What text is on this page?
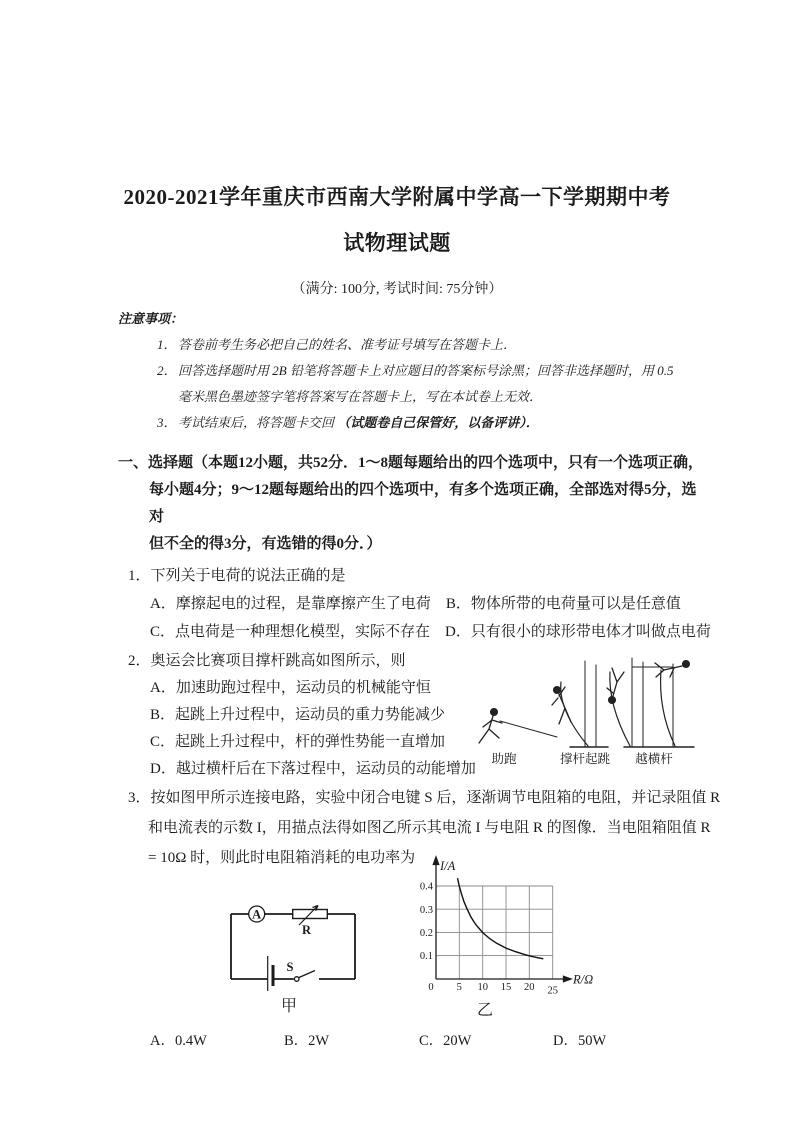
2020-2021学年重庆市西南大学附属中学高一下学期期中考
试物理试题
（满分: 100分, 考试时间: 75分钟）
注意事项：
1．答卷前考生务必把自己的姓名、准考证号填写在答题卡上．
2．回答选择题时用 2B 铅笔将答题卡上对应题目的答案标号涂黑；回答非选择题时，用 0.5
毫米黑色墨迹签字笔将答案写在答题卡上，写在本试卷上无效．
3．考试结束后，将答题卡交回 （试题卷自己保管好，以备评讲）．
一、选择题（本题12小题，共52分．1～8题每题给出的四个选项中，只有一个选项正确，
每小题4分；9～12题每题给出的四个选项中，有多个选项正确，全部选对得5分，选对
但不全的得3分，有选错的得0分．）
1． 下列关于电荷的说法正确的是
A．摩擦起电的过程，是靠摩擦产生了电荷 B．物体所带的电荷量可以是任意值
C．点电荷是一种理想化模型，实际不存在 D．只有很小的球形带电体才叫做点电荷
2． 奥运会比赛项目撑杆跳高如图所示，则
A．加速助跑过程中，运动员的机械能守恒
B．起跳上升过程中，运动员的重力势能减少
C．起跳上升过程中，杆的弹性势能一直增加
D．越过横杆后在下落过程中，运动员的动能增加
助跑	撑杆起跳 越横杆
3． 按如图甲所示连接电路，实验中闭合电键 S 后，逐渐调节电阻箱的电阻，并记录阻值 R
和电流表的示数 I，用描点法得如图乙所示其电流 I 与电阻 R 的图像．当电阻箱阻值 R
= 10Ω 时，则此时电阻箱消耗的电功率为
A
R
S
甲
I/A
R/Ω
0.1
0.2
0.3
0.4
0 5 10 15 20 25
乙
A．0.4W	B．2W	C．20W	D．50W
